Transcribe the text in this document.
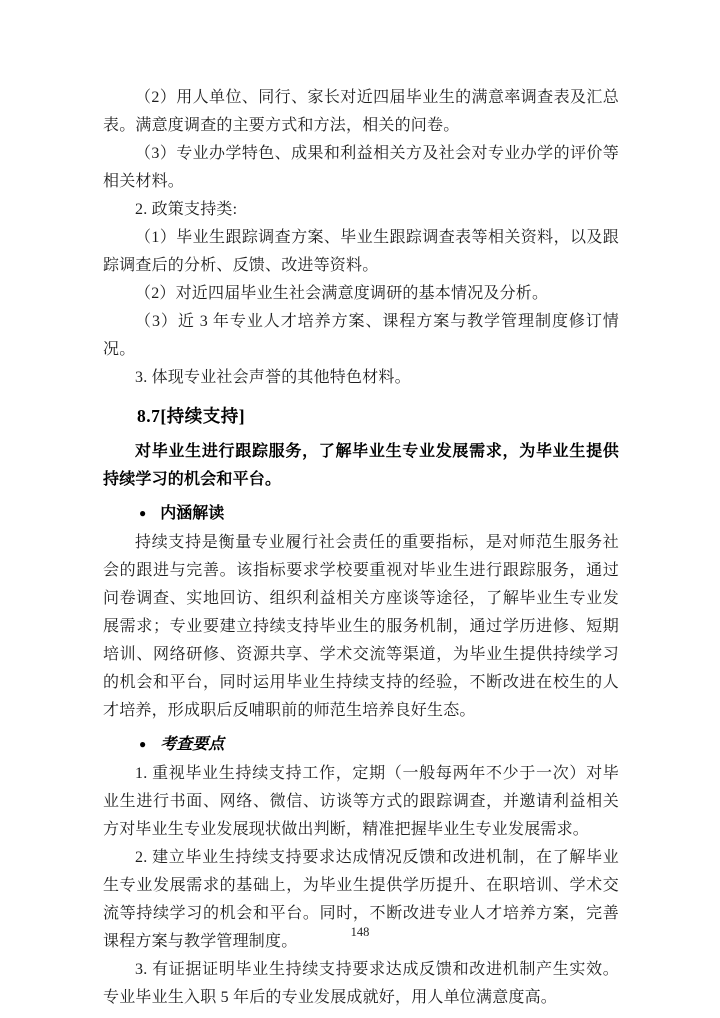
（2）用人单位、同行、家长对近四届毕业生的满意率调查表及汇总表。满意度调查的主要方式和方法，相关的问卷。

（3）专业办学特色、成果和利益相关方及社会对专业办学的评价等相关材料。

2. 政策支持类:

（1）毕业生跟踪调查方案、毕业生跟踪调查表等相关资料，以及跟踪调查后的分析、反馈、改进等资料。

（2）对近四届毕业生社会满意度调研的基本情况及分析。

（3）近 3 年专业人才培养方案、课程方案与教学管理制度修订情况。

3. 体现专业社会声誉的其他特色材料。

8.7[持续支持]

对毕业生进行跟踪服务，了解毕业生专业发展需求，为毕业生提供持续学习的机会和平台。

● 内涵解读

持续支持是衡量专业履行社会责任的重要指标，是对师范生服务社会的跟进与完善。该指标要求学校要重视对毕业生进行跟踪服务，通过问卷调查、实地回访、组织利益相关方座谈等途径，了解毕业生专业发展需求；专业要建立持续支持毕业生的服务机制，通过学历进修、短期培训、网络研修、资源共享、学术交流等渠道，为毕业生提供持续学习的机会和平台，同时运用毕业生持续支持的经验，不断改进在校生的人才培养，形成职后反哺职前的师范生培养良好生态。

● 考查要点

1. 重视毕业生持续支持工作，定期（一般每两年不少于一次）对毕业生进行书面、网络、微信、访谈等方式的跟踪调查，并邀请利益相关方对毕业生专业发展现状做出判断，精准把握毕业生专业发展需求。

2. 建立毕业生持续支持要求达成情况反馈和改进机制，在了解毕业生专业发展需求的基础上，为毕业生提供学历提升、在职培训、学术交流等持续学习的机会和平台。同时，不断改进专业人才培养方案，完善课程方案与教学管理制度。

3. 有证据证明毕业生持续支持要求达成反馈和改进机制产生实效。专业毕业生入职 5 年后的专业发展成就好，用人单位满意度高。

148
